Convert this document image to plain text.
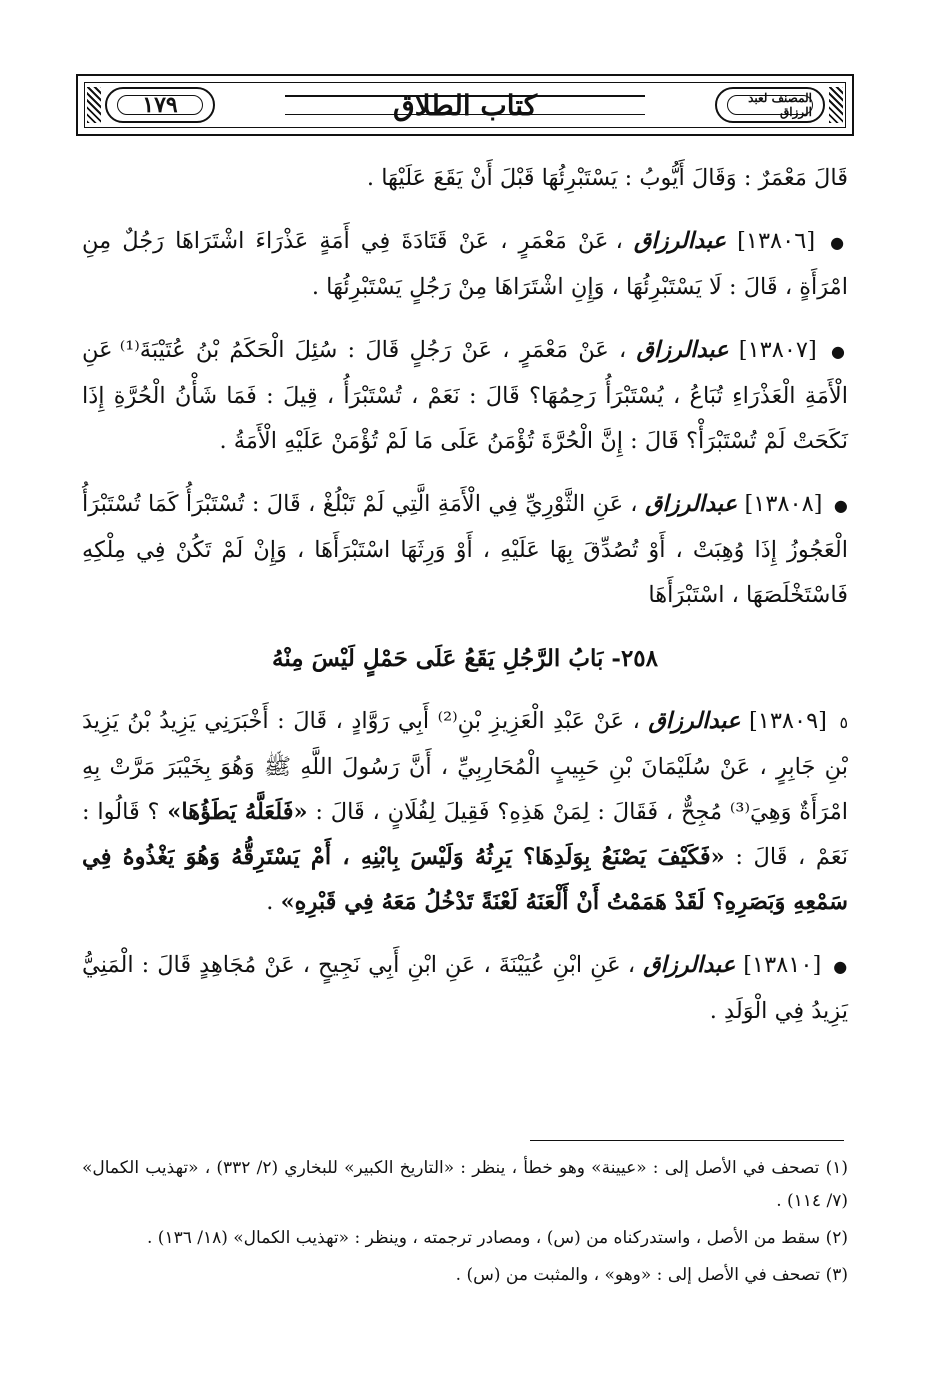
١٧٩	كتاب الطلاق	المصنف لعبد الرزاق

قَالَ مَعْمَرٌ : وَقَالَ أَيُّوبُ : يَسْتَبْرِئُهَا قَبْلَ أَنْ يَقَعَ عَلَيْهَا .

● [١٣٨٠٦] عبدالرزاق ، عَنْ مَعْمَرٍ ، عَنْ قَتَادَةَ فِي أَمَةٍ عَذْرَاءَ اشْتَرَاهَا رَجُلٌ مِنِ امْرَأَةٍ ، قَالَ : لَا يَسْتَبْرِئُهَا ، وَإِنِ اشْتَرَاهَا مِنْ رَجُلٍ يَسْتَبْرِئُهَا .

● [١٣٨٠٧] عبدالرزاق ، عَنْ مَعْمَرٍ ، عَنْ رَجُلٍ قَالَ : سُئِلَ الْحَكَمُ بْنُ عُتَيْبَةَ⁽¹⁾ عَنِ الْأَمَةِ الْعَذْرَاءِ تُبَاعُ ، يُسْتَبْرَأُ رَحِمُهَا؟ قَالَ : نَعَمْ ، تُسْتَبْرَأُ ، قِيلَ : فَمَا شَأْنُ الْحُرَّةِ إِذَا نَكَحَتْ لَمْ تُسْتَبْرَأْ؟ قَالَ : إِنَّ الْحُرَّةَ تُؤْمَنُ عَلَى مَا لَمْ تُؤْمَنْ عَلَيْهِ الْأَمَةُ .

● [١٣٨٠٨] عبدالرزاق ، عَنِ الثَّوْرِيِّ فِي الْأَمَةِ الَّتِي لَمْ تَبْلُغْ ، قَالَ : تُسْتَبْرَأُ كَمَا تُسْتَبْرَأُ الْعَجُوزُ إِذَا وُهِبَتْ ، أَوْ تُصُدِّقَ بِهَا عَلَيْهِ ، أَوْ وَرِثَهَا اسْتَبْرَأَهَا ، وَإِنْ لَمْ تَكُنْ فِي مِلْكِهِ فَاسْتَخْلَصَهَا ، اسْتَبْرَأَهَا

٢٥٨- بَابُ الرَّجُلِ يَقَعُ عَلَى حَمْلٍ لَيْسَ مِنْهُ

٥ [١٣٨٠٩] عبدالرزاق ، عَنْ عَبْدِ الْعَزِيزِ بْنِ⁽²⁾ أَبِي رَوَّادٍ ، قَالَ : أَخْبَرَنِي يَزِيدُ بْنُ يَزِيدَ بْنِ جَابِرٍ ، عَنْ سُلَيْمَانَ بْنِ حَبِيبٍ الْمُحَارِبِيِّ ، أَنَّ رَسُولَ اللَّهِ ﷺ وَهُوَ بِخَيْبَرَ مَرَّتْ بِهِ امْرَأَةٌ وَهِيَ⁽³⁾ مُجِحٌّ ، فَقَالَ : لِمَنْ هَذِهِ؟ فَقِيلَ لِفُلَانٍ ، قَالَ : «فَلَعَلَّهُ يَطَؤُهَا» ؟ قَالُوا : نَعَمْ ، قَالَ : «فَكَيْفَ يَصْنَعُ بِوَلَدِهَا؟ يَرِثُهُ وَلَيْسَ بِابْنِهِ ، أَمْ يَسْتَرِقُّهُ وَهُوَ يَغْذُوهُ فِي سَمْعِهِ وَبَصَرِهِ؟ لَقَدْ هَمَمْتُ أَنْ أَلْعَنَهُ لَعْنَةً تَدْخُلُ مَعَهُ فِي قَبْرِهِ» .

● [١٣٨١٠] عبدالرزاق ، عَنِ ابْنِ عُيَيْنَةَ ، عَنِ ابْنِ أَبِي نَجِيحٍ ، عَنْ مُجَاهِدٍ قَالَ : الْمَنِيُّ يَزِيدُ فِي الْوَلَدِ .

(١) تصحف في الأصل إلى : «عيينة» وهو خطأ ، ينظر : «التاريخ الكبير» للبخاري (٢/ ٣٣٢) ، «تهذيب الكمال» (٧/ ١١٤) .

(٢) سقط من الأصل ، واستدركناه من (س) ، ومصادر ترجمته ، وينظر : «تهذيب الكمال» (١٨/ ١٣٦) .

(٣) تصحف في الأصل إلى : «وهو» ، والمثبت من (س) .
